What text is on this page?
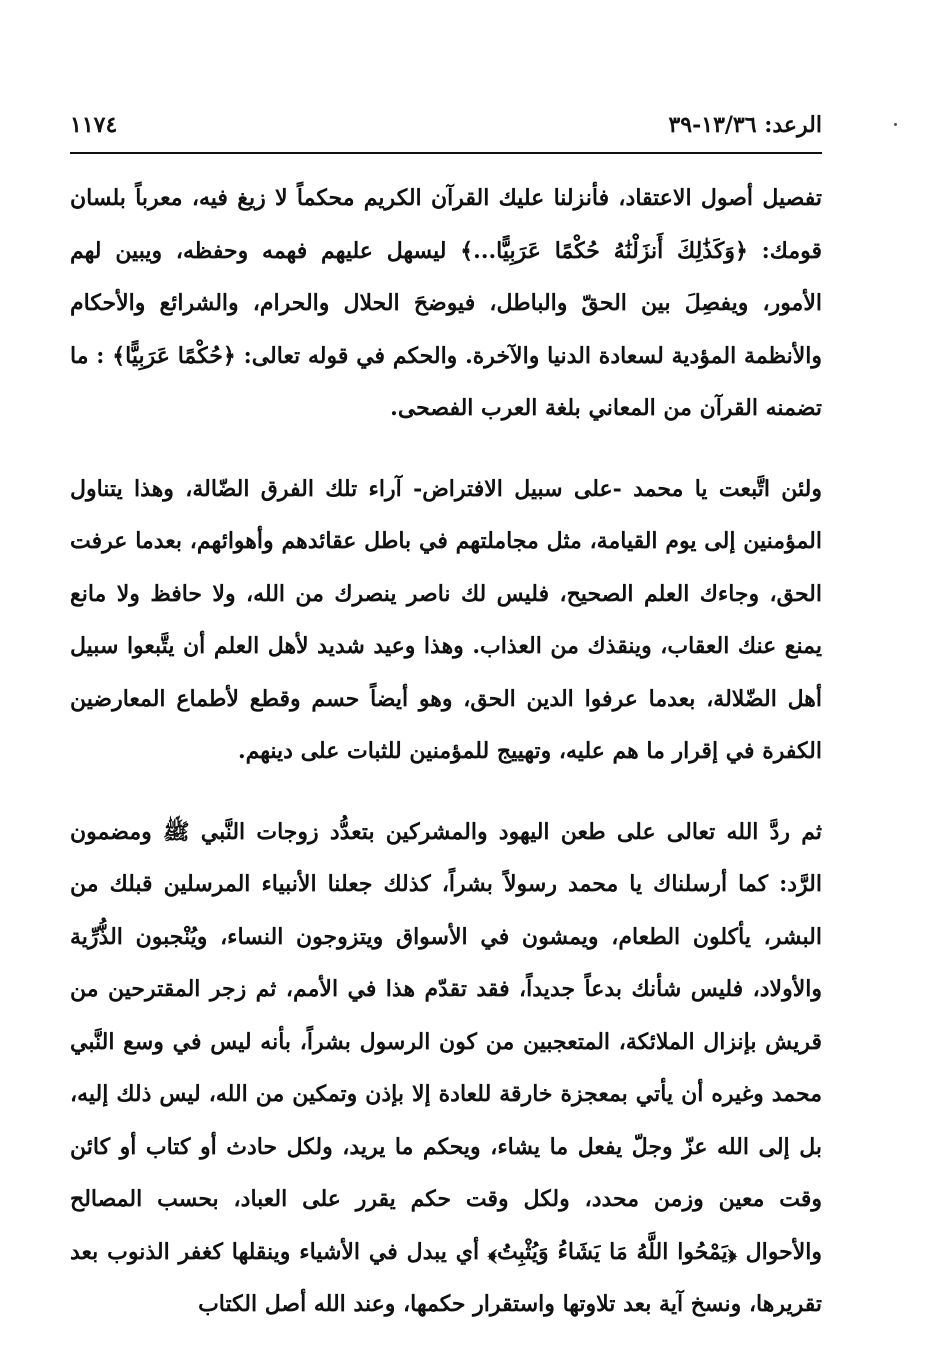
الرعد: ١٣/٣٦-٣٩
١١٧٤

تفصيل أصول الاعتقاد، فأنزلنا عليك القرآن الكريم محكماً لا زيغ فيه، معرباً بلسان قومك: ﴿وَكَذَٰلِكَ أَنزَلْنَٰهُ حُكْمًا عَرَبِيًّا...﴾ ليسهل عليهم فهمه وحفظه، ويبين لهم الأمور، ويفصِلَ بين الحقّ والباطل، فيوضحَ الحلال والحرام، والشرائع والأحكام والأنظمة المؤدية لسعادة الدنيا والآخرة. والحكم في قوله تعالى: ﴿حُكْمًا عَرَبِيًّا﴾ : ما تضمنه القرآن من المعاني بلغة العرب الفصحى.

ولئن اتَّبعت يا محمد -على سبيل الافتراض- آراء تلك الفرق الضّالة، وهذا يتناول المؤمنين إلى يوم القيامة، مثل مجاملتهم في باطل عقائدهم وأهوائهم، بعدما عرفت الحق، وجاءك العلم الصحيح، فليس لك ناصر ينصرك من الله، ولا حافظ ولا مانع يمنع عنك العقاب، وينقذك من العذاب. وهذا وعيد شديد لأهل العلم أن يتَّبعوا سبيل أهل الضّلالة، بعدما عرفوا الدين الحق، وهو أيضاً حسم وقطع لأطماع المعارضين الكفرة في إقرار ما هم عليه، وتهييج للمؤمنين للثبات على دينهم.

ثم ردَّ الله تعالى على طعن اليهود والمشركين بتعدُّد زوجات النَّبي ﷺ ومضمون الرَّد: كما أرسلناك يا محمد رسولاً بشراً، كذلك جعلنا الأنبياء المرسلين قبلك من البشر، يأكلون الطعام، ويمشون في الأسواق ويتزوجون النساء، ويُنْجبون الذُّرِّية والأولاد، فليس شأنك بدعاً جديداً، فقد تقدّم هذا في الأمم، ثم زجر المقترحين من قريش بإنزال الملائكة، المتعجبين من كون الرسول بشراً، بأنه ليس في وسع النَّبي محمد وغيره أن يأتي بمعجزة خارقة للعادة إلا بإذن وتمكين من الله، ليس ذلك إليه، بل إلى الله عزّ وجلّ يفعل ما يشاء، ويحكم ما يريد، ولكل حادث أو كتاب أو كائن وقت معين وزمن محدد، ولكل وقت حكم يقرر على العباد، بحسب المصالح والأحوال ﴿يَمْحُوا اللَّهُ مَا يَشَاءُ وَيُثْبِتُ﴾ أي يبدل في الأشياء وينقلها كغفر الذنوب بعد تقريرها، ونسخ آية بعد تلاوتها واستقرار حكمها، وعند الله أصل الكتاب
